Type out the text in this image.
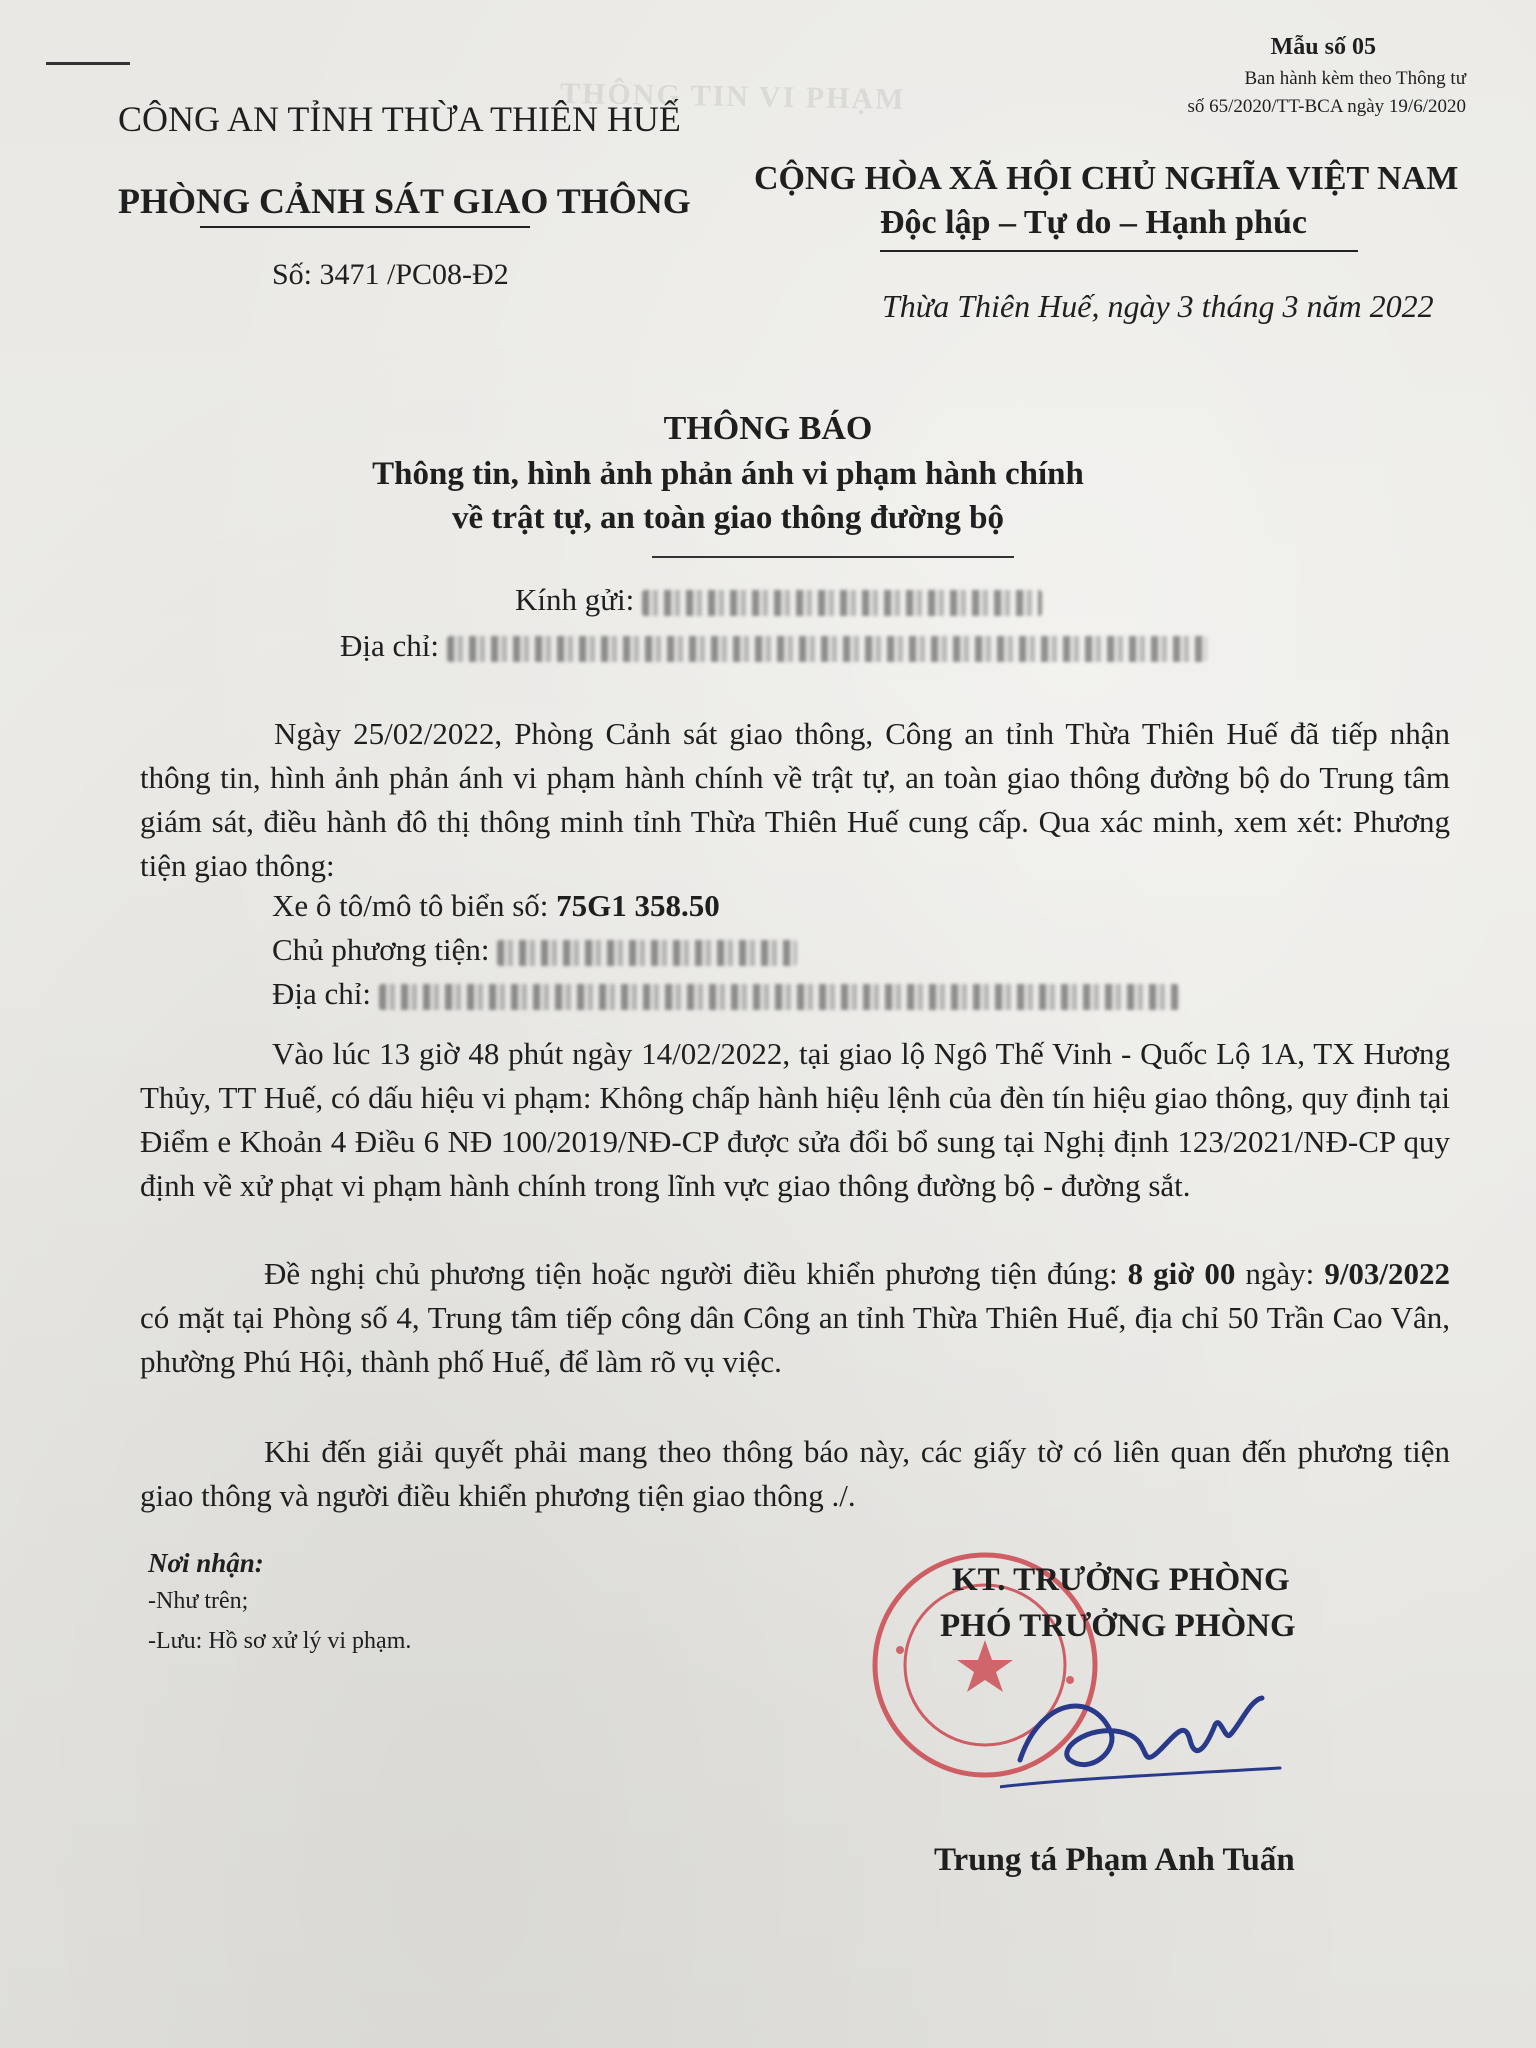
THÔNG TIN VI PHẠM
Mẫu số 05
Ban hành kèm theo Thông tư
số 65/2020/TT-BCA ngày 19/6/2020
CÔNG AN TỈNH THỪA THIÊN HUẾ
PHÒNG CẢNH SÁT GIAO THÔNG
Số: 3471 /PC08-Đ2
CỘNG HÒA XÃ HỘI CHỦ NGHĨA VIỆT NAM
Độc lập – Tự do – Hạnh phúc
Thừa Thiên Huế, ngày 3 tháng 3 năm 2022
THÔNG BÁO
Thông tin, hình ảnh phản ánh vi phạm hành chính
về trật tự, an toàn giao thông đường bộ
Kính gửi:
Địa chỉ:
Ngày 25/02/2022, Phòng Cảnh sát giao thông, Công an tỉnh Thừa Thiên Huế đã tiếp nhận thông tin, hình ảnh phản ánh vi phạm hành chính về trật tự, an toàn giao thông đường bộ do Trung tâm giám sát, điều hành đô thị thông minh tỉnh Thừa Thiên Huế cung cấp. Qua xác minh, xem xét: Phương tiện giao thông:
Xe ô tô/mô tô biển số: 75G1 358.50
Chủ phương tiện:
Địa chỉ:
Vào lúc 13 giờ 48 phút ngày 14/02/2022, tại giao lộ Ngô Thế Vinh - Quốc Lộ 1A, TX Hương Thủy, TT Huế, có dấu hiệu vi phạm: Không chấp hành hiệu lệnh của đèn tín hiệu giao thông, quy định tại Điểm e Khoản 4 Điều 6 NĐ 100/2019/NĐ-CP được sửa đổi bổ sung tại Nghị định 123/2021/NĐ-CP quy định về xử phạt vi phạm hành chính trong lĩnh vực giao thông đường bộ - đường sắt.
Đề nghị chủ phương tiện hoặc người điều khiển phương tiện đúng: 8 giờ 00 ngày: 9/03/2022 có mặt tại Phòng số 4, Trung tâm tiếp công dân Công an tỉnh Thừa Thiên Huế, địa chỉ 50 Trần Cao Vân, phường Phú Hội, thành phố Huế, để làm rõ vụ việc.
Khi đến giải quyết phải mang theo thông báo này, các giấy tờ có liên quan đến phương tiện giao thông và người điều khiển phương tiện giao thông ./.
Nơi nhận:
-Như trên;
-Lưu: Hồ sơ xử lý vi phạm.
KT. TRƯỞNG PHÒNG
PHÓ TRƯỞNG PHÒNG
Trung tá Phạm Anh Tuấn
